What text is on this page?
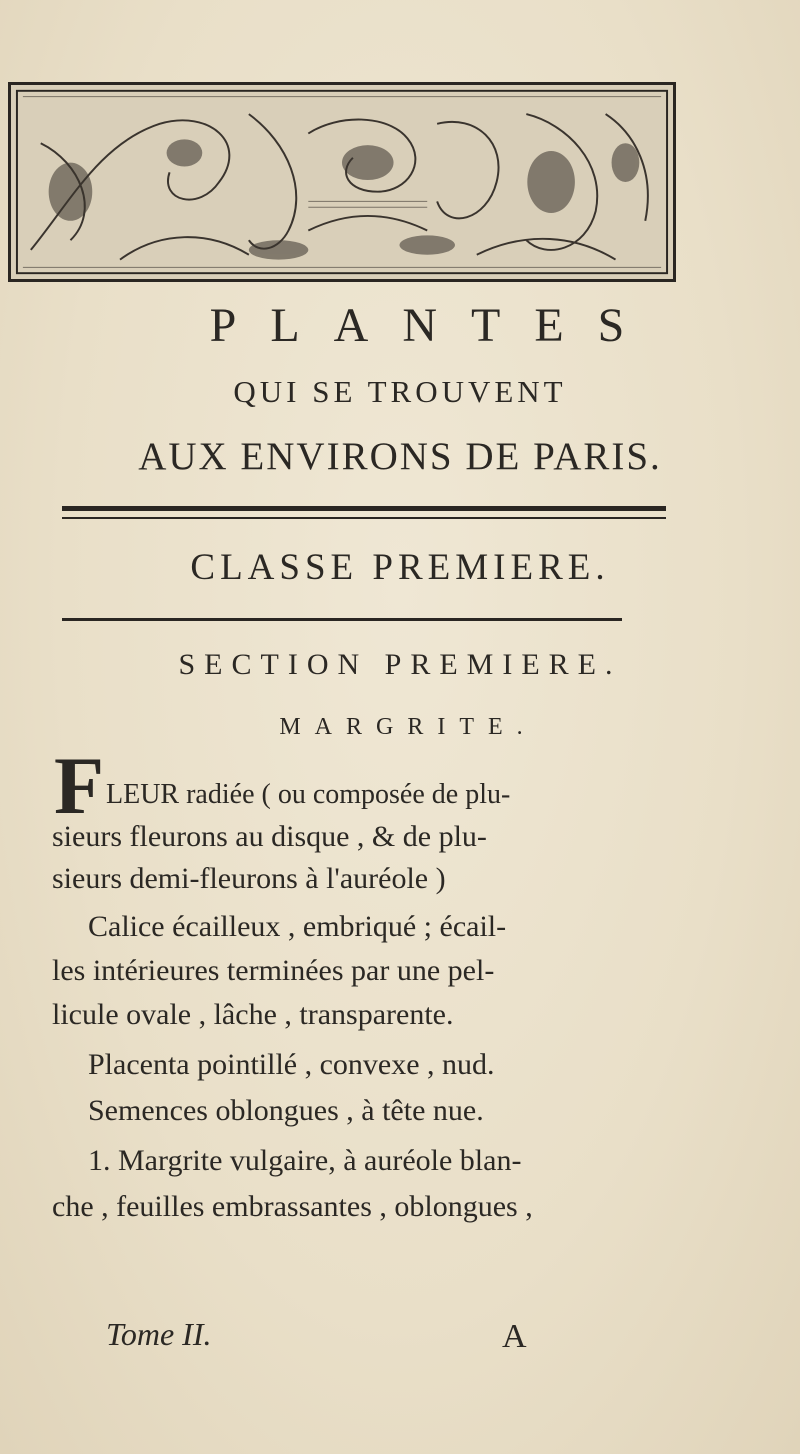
PLANTES
QUI SE TROUVENT
AUX ENVIRONS DE PARIS.
CLASSE PREMIERE.
SECTION PREMIERE.
MARGRITE.
F LEUR radiée ( ou composée de plu-
sieurs fleurons au disque , & de plu-
sieurs demi-fleurons à l'auréole )
Calice écailleux , embriqué ; écail-
les intérieures terminées par une pel-
licule ovale , lâche , transparente.
Placenta pointillé , convexe , nud.
Semences oblongues , à tête nue.
1. Margrite vulgaire, à auréole blan-
che , feuilles embrassantes , oblongues ,
Tome II.	A
